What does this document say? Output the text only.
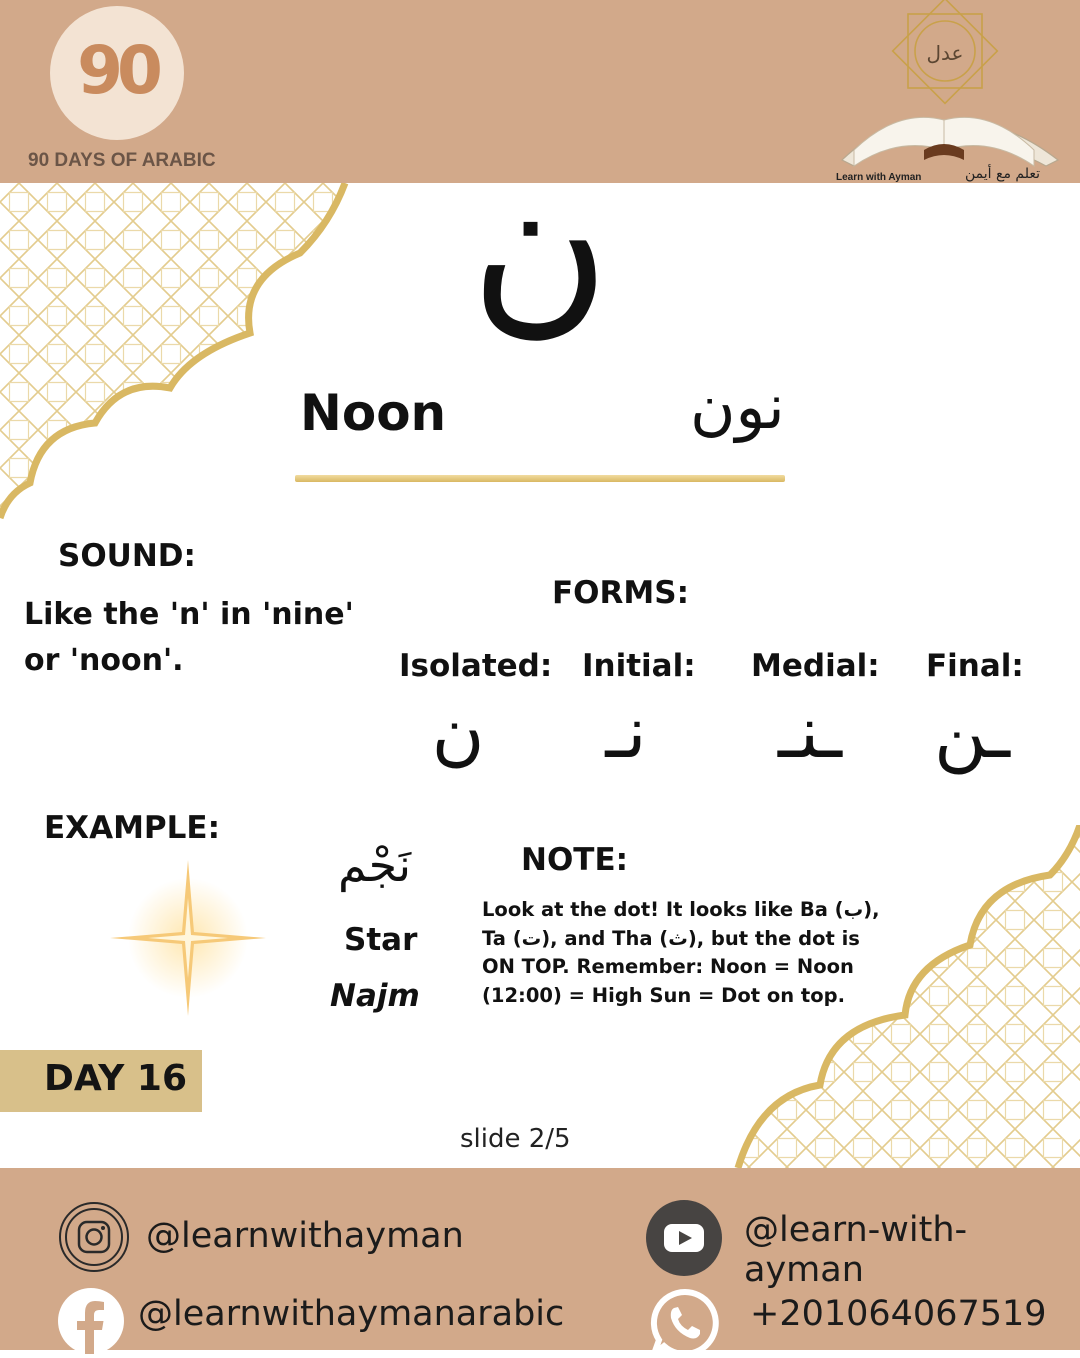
90
90 DAYS OF ARABIC
عدل
Learn with Ayman	تعلم مع أيمن
ن
Noon	نون
SOUND:
Like the 'n' in 'nine'
or 'noon'.
FORMS:
Isolated: Initial: Medial: Final:
ن	نـ	ـنـ	ـن
EXAMPLE:
نَجْم
Star
Najm
NOTE:
Look at the dot! It looks like Ba (ب), Ta (ت), and Tha (ث), but the dot is ON TOP. Remember: Noon = Noon (12:00) = High Sun = Dot on top.
DAY 16
slide 2/5
@learnwithayman	@learn-with-ayman
@learnwithaymanarabic	+201064067519
